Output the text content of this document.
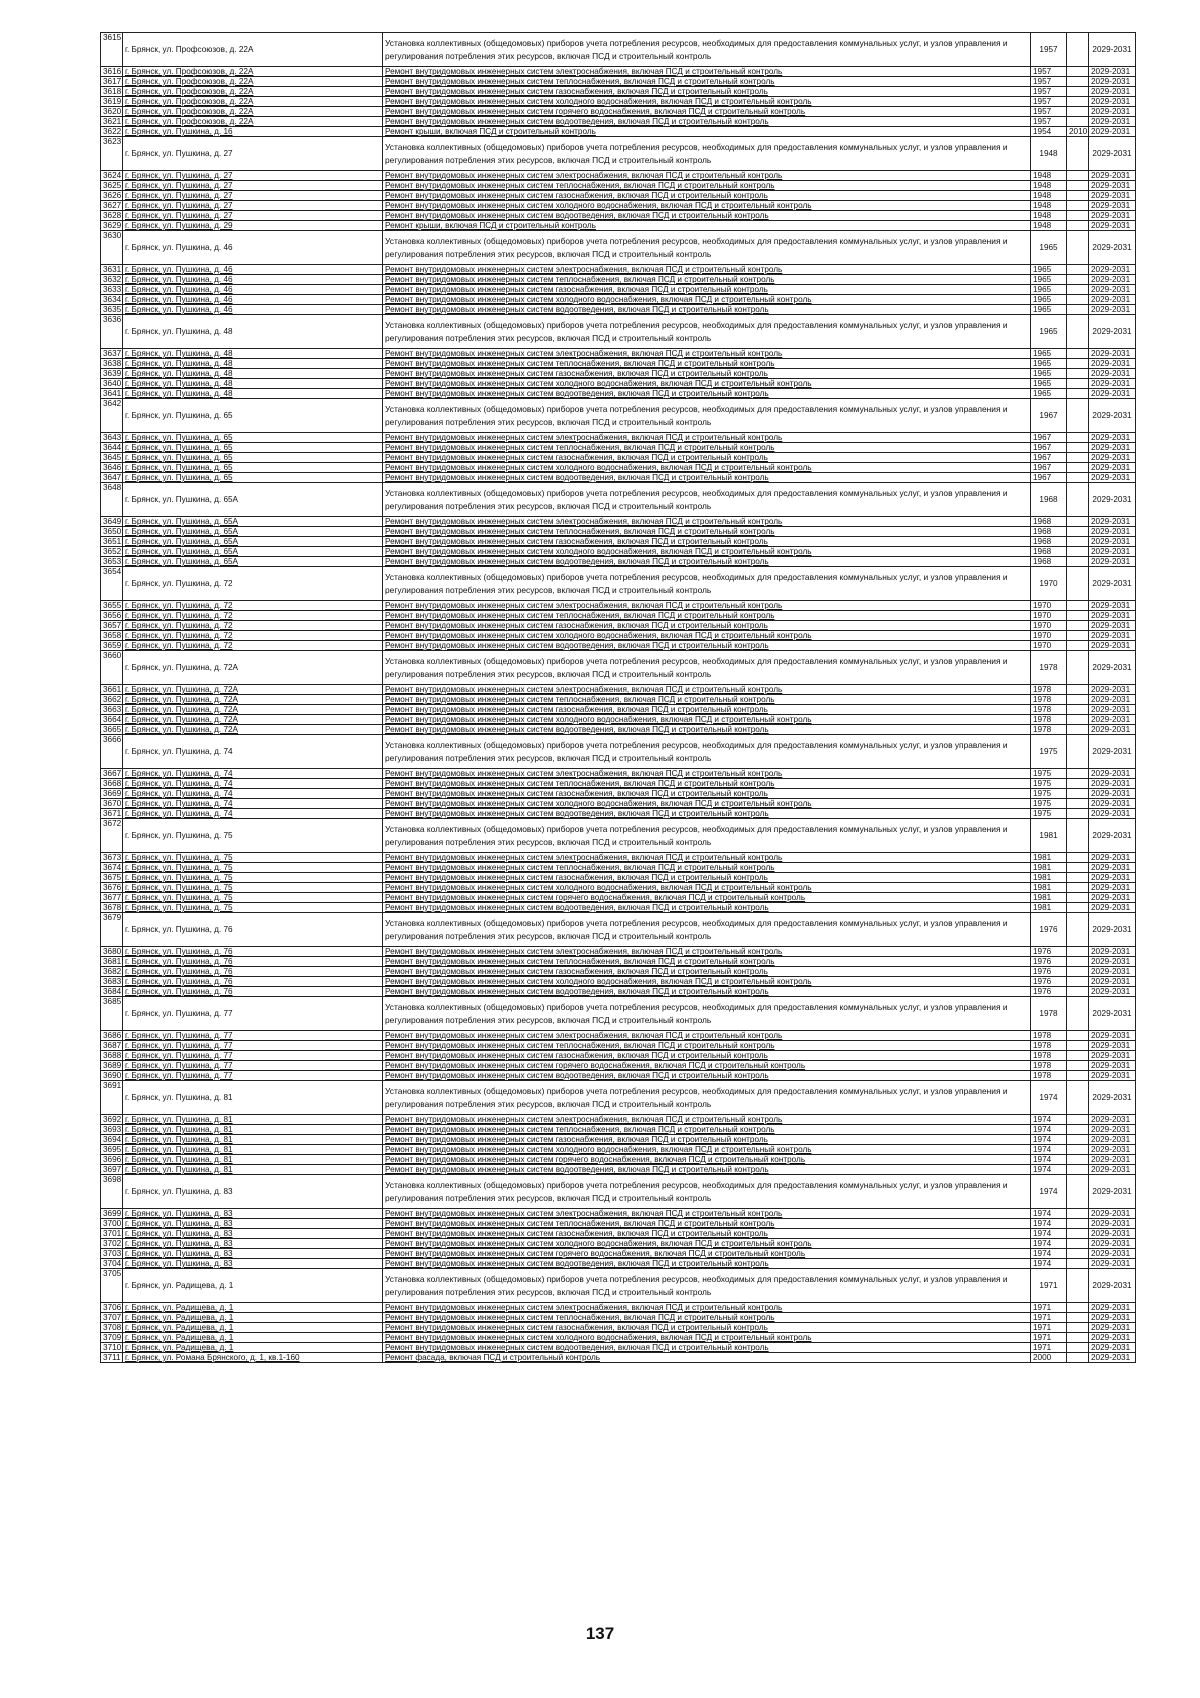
3615	г. Брянск, ул. Профсоюзов, д. 22А	Установка коллективных (общедомовых) приборов учета потребления ресурсов, необходимых для предоставления коммунальных услуг, и узлов управления и регулирования потребления этих ресурсов, включая ПСД и строительный контроль	1957		2029-2031
3616	г. Брянск, ул. Профсоюзов, д. 22А	Ремонт внутридомовых инженерных систем электроснабжения, включая ПСД и строительный контроль	1957		2029-2031
3617	г. Брянск, ул. Профсоюзов, д. 22А	Ремонт внутридомовых инженерных систем теплоснабжения, включая ПСД и строительный контроль	1957		2029-2031
3618	г. Брянск, ул. Профсоюзов, д. 22А	Ремонт внутридомовых инженерных систем газоснабжения, включая ПСД и строительный контроль	1957		2029-2031
3619	г. Брянск, ул. Профсоюзов, д. 22А	Ремонт внутридомовых инженерных систем холодного водоснабжения, включая ПСД и строительный контроль	1957		2029-2031
3620	г. Брянск, ул. Профсоюзов, д. 22А	Ремонт внутридомовых инженерных систем горячего водоснабжения, включая ПСД и строительный контроль	1957		2029-2031
3621	г. Брянск, ул. Профсоюзов, д. 22А	Ремонт внутридомовых инженерных систем водоотведения, включая ПСД и строительный контроль	1957		2029-2031
3622	г. Брянск, ул. Пушкина, д. 16	Ремонт крыши, включая ПСД и строительный контроль	1954	2010	2029-2031
3623	г. Брянск, ул. Пушкина, д. 27	Установка коллективных (общедомовых) приборов учета потребления ресурсов, необходимых для предоставления коммунальных услуг, и узлов управления и регулирования потребления этих ресурсов, включая ПСД и строительный контроль	1948		2029-2031
3624	г. Брянск, ул. Пушкина, д. 27	Ремонт внутридомовых инженерных систем электроснабжения, включая ПСД и строительный контроль	1948		2029-2031
3625	г. Брянск, ул. Пушкина, д. 27	Ремонт внутридомовых инженерных систем теплоснабжения, включая ПСД и строительный контроль	1948		2029-2031
3626	г. Брянск, ул. Пушкина, д. 27	Ремонт внутридомовых инженерных систем газоснабжения, включая ПСД и строительный контроль	1948		2029-2031
3627	г. Брянск, ул. Пушкина, д. 27	Ремонт внутридомовых инженерных систем холодного водоснабжения, включая ПСД и строительный контроль	1948		2029-2031
3628	г. Брянск, ул. Пушкина, д. 27	Ремонт внутридомовых инженерных систем водоотведения, включая ПСД и строительный контроль	1948		2029-2031
3629	г. Брянск, ул. Пушкина, д. 29	Ремонт крыши, включая ПСД и строительный контроль	1948		2029-2031
3630	г. Брянск, ул. Пушкина, д. 46	Установка коллективных (общедомовых) приборов учета потребления ресурсов, необходимых для предоставления коммунальных услуг, и узлов управления и регулирования потребления этих ресурсов, включая ПСД и строительный контроль	1965		2029-2031
3631	г. Брянск, ул. Пушкина, д. 46	Ремонт внутридомовых инженерных систем электроснабжения, включая ПСД и строительный контроль	1965		2029-2031
3632	г. Брянск, ул. Пушкина, д. 46	Ремонт внутридомовых инженерных систем теплоснабжения, включая ПСД и строительный контроль	1965		2029-2031
3633	г. Брянск, ул. Пушкина, д. 46	Ремонт внутридомовых инженерных систем газоснабжения, включая ПСД и строительный контроль	1965		2029-2031
3634	г. Брянск, ул. Пушкина, д. 46	Ремонт внутридомовых инженерных систем холодного водоснабжения, включая ПСД и строительный контроль	1965		2029-2031
3635	г. Брянск, ул. Пушкина, д. 46	Ремонт внутридомовых инженерных систем водоотведения, включая ПСД и строительный контроль	1965		2029-2031
3636	г. Брянск, ул. Пушкина, д. 48	Установка коллективных (общедомовых) приборов учета потребления ресурсов, необходимых для предоставления коммунальных услуг, и узлов управления и регулирования потребления этих ресурсов, включая ПСД и строительный контроль	1965		2029-2031
3637	г. Брянск, ул. Пушкина, д. 48	Ремонт внутридомовых инженерных систем электроснабжения, включая ПСД и строительный контроль	1965		2029-2031
3638	г. Брянск, ул. Пушкина, д. 48	Ремонт внутридомовых инженерных систем теплоснабжения, включая ПСД и строительный контроль	1965		2029-2031
3639	г. Брянск, ул. Пушкина, д. 48	Ремонт внутридомовых инженерных систем газоснабжения, включая ПСД и строительный контроль	1965		2029-2031
3640	г. Брянск, ул. Пушкина, д. 48	Ремонт внутридомовых инженерных систем холодного водоснабжения, включая ПСД и строительный контроль	1965		2029-2031
3641	г. Брянск, ул. Пушкина, д. 48	Ремонт внутридомовых инженерных систем водоотведения, включая ПСД и строительный контроль	1965		2029-2031
3642	г. Брянск, ул. Пушкина, д. 65	Установка коллективных (общедомовых) приборов учета потребления ресурсов, необходимых для предоставления коммунальных услуг, и узлов управления и регулирования потребления этих ресурсов, включая ПСД и строительный контроль	1967		2029-2031
3643	г. Брянск, ул. Пушкина, д. 65	Ремонт внутридомовых инженерных систем электроснабжения, включая ПСД и строительный контроль	1967		2029-2031
3644	г. Брянск, ул. Пушкина, д. 65	Ремонт внутридомовых инженерных систем теплоснабжения, включая ПСД и строительный контроль	1967		2029-2031
3645	г. Брянск, ул. Пушкина, д. 65	Ремонт внутридомовых инженерных систем газоснабжения, включая ПСД и строительный контроль	1967		2029-2031
3646	г. Брянск, ул. Пушкина, д. 65	Ремонт внутридомовых инженерных систем холодного водоснабжения, включая ПСД и строительный контроль	1967		2029-2031
3647	г. Брянск, ул. Пушкина, д. 65	Ремонт внутридомовых инженерных систем водоотведения, включая ПСД и строительный контроль	1967		2029-2031
3648	г. Брянск, ул. Пушкина, д. 65А	Установка коллективных (общедомовых) приборов учета потребления ресурсов, необходимых для предоставления коммунальных услуг, и узлов управления и регулирования потребления этих ресурсов, включая ПСД и строительный контроль	1968		2029-2031
3649	г. Брянск, ул. Пушкина, д. 65А	Ремонт внутридомовых инженерных систем электроснабжения, включая ПСД и строительный контроль	1968		2029-2031
3650	г. Брянск, ул. Пушкина, д. 65А	Ремонт внутридомовых инженерных систем теплоснабжения, включая ПСД и строительный контроль	1968		2029-2031
3651	г. Брянск, ул. Пушкина, д. 65А	Ремонт внутридомовых инженерных систем газоснабжения, включая ПСД и строительный контроль	1968		2029-2031
3652	г. Брянск, ул. Пушкина, д. 65А	Ремонт внутридомовых инженерных систем холодного водоснабжения, включая ПСД и строительный контроль	1968		2029-2031
3653	г. Брянск, ул. Пушкина, д. 65А	Ремонт внутридомовых инженерных систем водоотведения, включая ПСД и строительный контроль	1968		2029-2031
3654	г. Брянск, ул. Пушкина, д. 72	Установка коллективных (общедомовых) приборов учета потребления ресурсов, необходимых для предоставления коммунальных услуг, и узлов управления и регулирования потребления этих ресурсов, включая ПСД и строительный контроль	1970		2029-2031
3655	г. Брянск, ул. Пушкина, д. 72	Ремонт внутридомовых инженерных систем электроснабжения, включая ПСД и строительный контроль	1970		2029-2031
3656	г. Брянск, ул. Пушкина, д. 72	Ремонт внутридомовых инженерных систем теплоснабжения, включая ПСД и строительный контроль	1970		2029-2031
3657	г. Брянск, ул. Пушкина, д. 72	Ремонт внутридомовых инженерных систем газоснабжения, включая ПСД и строительный контроль	1970		2029-2031
3658	г. Брянск, ул. Пушкина, д. 72	Ремонт внутридомовых инженерных систем холодного водоснабжения, включая ПСД и строительный контроль	1970		2029-2031
3659	г. Брянск, ул. Пушкина, д. 72	Ремонт внутридомовых инженерных систем водоотведения, включая ПСД и строительный контроль	1970		2029-2031
3660	г. Брянск, ул. Пушкина, д. 72А	Установка коллективных (общедомовых) приборов учета потребления ресурсов, необходимых для предоставления коммунальных услуг, и узлов управления и регулирования потребления этих ресурсов, включая ПСД и строительный контроль	1978		2029-2031
3661	г. Брянск, ул. Пушкина, д. 72А	Ремонт внутридомовых инженерных систем электроснабжения, включая ПСД и строительный контроль	1978		2029-2031
3662	г. Брянск, ул. Пушкина, д. 72А	Ремонт внутридомовых инженерных систем теплоснабжения, включая ПСД и строительный контроль	1978		2029-2031
3663	г. Брянск, ул. Пушкина, д. 72А	Ремонт внутридомовых инженерных систем газоснабжения, включая ПСД и строительный контроль	1978		2029-2031
3664	г. Брянск, ул. Пушкина, д. 72А	Ремонт внутридомовых инженерных систем холодного водоснабжения, включая ПСД и строительный контроль	1978		2029-2031
3665	г. Брянск, ул. Пушкина, д. 72А	Ремонт внутридомовых инженерных систем водоотведения, включая ПСД и строительный контроль	1978		2029-2031
3666	г. Брянск, ул. Пушкина, д. 74	Установка коллективных (общедомовых) приборов учета потребления ресурсов, необходимых для предоставления коммунальных услуг, и узлов управления и регулирования потребления этих ресурсов, включая ПСД и строительный контроль	1975		2029-2031
3667	г. Брянск, ул. Пушкина, д. 74	Ремонт внутридомовых инженерных систем электроснабжения, включая ПСД и строительный контроль	1975		2029-2031
3668	г. Брянск, ул. Пушкина, д. 74	Ремонт внутридомовых инженерных систем теплоснабжения, включая ПСД и строительный контроль	1975		2029-2031
3669	г. Брянск, ул. Пушкина, д. 74	Ремонт внутридомовых инженерных систем газоснабжения, включая ПСД и строительный контроль	1975		2029-2031
3670	г. Брянск, ул. Пушкина, д. 74	Ремонт внутридомовых инженерных систем холодного водоснабжения, включая ПСД и строительный контроль	1975		2029-2031
3671	г. Брянск, ул. Пушкина, д. 74	Ремонт внутридомовых инженерных систем водоотведения, включая ПСД и строительный контроль	1975		2029-2031
3672	г. Брянск, ул. Пушкина, д. 75	Установка коллективных (общедомовых) приборов учета потребления ресурсов, необходимых для предоставления коммунальных услуг, и узлов управления и регулирования потребления этих ресурсов, включая ПСД и строительный контроль	1981		2029-2031
3673	г. Брянск, ул. Пушкина, д. 75	Ремонт внутридомовых инженерных систем электроснабжения, включая ПСД и строительный контроль	1981		2029-2031
3674	г. Брянск, ул. Пушкина, д. 75	Ремонт внутридомовых инженерных систем теплоснабжения, включая ПСД и строительный контроль	1981		2029-2031
3675	г. Брянск, ул. Пушкина, д. 75	Ремонт внутридомовых инженерных систем газоснабжения, включая ПСД и строительный контроль	1981		2029-2031
3676	г. Брянск, ул. Пушкина, д. 75	Ремонт внутридомовых инженерных систем холодного водоснабжения, включая ПСД и строительный контроль	1981		2029-2031
3677	г. Брянск, ул. Пушкина, д. 75	Ремонт внутридомовых инженерных систем горячего водоснабжения, включая ПСД и строительный контроль	1981		2029-2031
3678	г. Брянск, ул. Пушкина, д. 75	Ремонт внутридомовых инженерных систем водоотведения, включая ПСД и строительный контроль	1981		2029-2031
3679	г. Брянск, ул. Пушкина, д. 76	Установка коллективных (общедомовых) приборов учета потребления ресурсов, необходимых для предоставления коммунальных услуг, и узлов управления и регулирования потребления этих ресурсов, включая ПСД и строительный контроль	1976		2029-2031
3680	г. Брянск, ул. Пушкина, д. 76	Ремонт внутридомовых инженерных систем электроснабжения, включая ПСД и строительный контроль	1976		2029-2031
3681	г. Брянск, ул. Пушкина, д. 76	Ремонт внутридомовых инженерных систем теплоснабжения, включая ПСД и строительный контроль	1976		2029-2031
3682	г. Брянск, ул. Пушкина, д. 76	Ремонт внутридомовых инженерных систем газоснабжения, включая ПСД и строительный контроль	1976		2029-2031
3683	г. Брянск, ул. Пушкина, д. 76	Ремонт внутридомовых инженерных систем холодного водоснабжения, включая ПСД и строительный контроль	1976		2029-2031
3684	г. Брянск, ул. Пушкина, д. 76	Ремонт внутридомовых инженерных систем водоотведения, включая ПСД и строительный контроль	1976		2029-2031
3685	г. Брянск, ул. Пушкина, д. 77	Установка коллективных (общедомовых) приборов учета потребления ресурсов, необходимых для предоставления коммунальных услуг, и узлов управления и регулирования потребления этих ресурсов, включая ПСД и строительный контроль	1978		2029-2031
3686	г. Брянск, ул. Пушкина, д. 77	Ремонт внутридомовых инженерных систем электроснабжения, включая ПСД и строительный контроль	1978		2029-2031
3687	г. Брянск, ул. Пушкина, д. 77	Ремонт внутридомовых инженерных систем теплоснабжения, включая ПСД и строительный контроль	1978		2029-2031
3688	г. Брянск, ул. Пушкина, д. 77	Ремонт внутридомовых инженерных систем газоснабжения, включая ПСД и строительный контроль	1978		2029-2031
3689	г. Брянск, ул. Пушкина, д. 77	Ремонт внутридомовых инженерных систем горячего водоснабжения, включая ПСД и строительный контроль	1978		2029-2031
3690	г. Брянск, ул. Пушкина, д. 77	Ремонт внутридомовых инженерных систем водоотведения, включая ПСД и строительный контроль	1978		2029-2031
3691	г. Брянск, ул. Пушкина, д. 81	Установка коллективных (общедомовых) приборов учета потребления ресурсов, необходимых для предоставления коммунальных услуг, и узлов управления и регулирования потребления этих ресурсов, включая ПСД и строительный контроль	1974		2029-2031
3692	г. Брянск, ул. Пушкина, д. 81	Ремонт внутридомовых инженерных систем электроснабжения, включая ПСД и строительный контроль	1974		2029-2031
3693	г. Брянск, ул. Пушкина, д. 81	Ремонт внутридомовых инженерных систем теплоснабжения, включая ПСД и строительный контроль	1974		2029-2031
3694	г. Брянск, ул. Пушкина, д. 81	Ремонт внутридомовых инженерных систем газоснабжения, включая ПСД и строительный контроль	1974		2029-2031
3695	г. Брянск, ул. Пушкина, д. 81	Ремонт внутридомовых инженерных систем холодного водоснабжения, включая ПСД и строительный контроль	1974		2029-2031
3696	г. Брянск, ул. Пушкина, д. 81	Ремонт внутридомовых инженерных систем горячего водоснабжения, включая ПСД и строительный контроль	1974		2029-2031
3697	г. Брянск, ул. Пушкина, д. 81	Ремонт внутридомовых инженерных систем водоотведения, включая ПСД и строительный контроль	1974		2029-2031
3698	г. Брянск, ул. Пушкина, д. 83	Установка коллективных (общедомовых) приборов учета потребления ресурсов, необходимых для предоставления коммунальных услуг, и узлов управления и регулирования потребления этих ресурсов, включая ПСД и строительный контроль	1974		2029-2031
3699	г. Брянск, ул. Пушкина, д. 83	Ремонт внутридомовых инженерных систем электроснабжения, включая ПСД и строительный контроль	1974		2029-2031
3700	г. Брянск, ул. Пушкина, д. 83	Ремонт внутридомовых инженерных систем теплоснабжения, включая ПСД и строительный контроль	1974		2029-2031
3701	г. Брянск, ул. Пушкина, д. 83	Ремонт внутридомовых инженерных систем газоснабжения, включая ПСД и строительный контроль	1974		2029-2031
3702	г. Брянск, ул. Пушкина, д. 83	Ремонт внутридомовых инженерных систем холодного водоснабжения, включая ПСД и строительный контроль	1974		2029-2031
3703	г. Брянск, ул. Пушкина, д. 83	Ремонт внутридомовых инженерных систем горячего водоснабжения, включая ПСД и строительный контроль	1974		2029-2031
3704	г. Брянск, ул. Пушкина, д. 83	Ремонт внутридомовых инженерных систем водоотведения, включая ПСД и строительный контроль	1974		2029-2031
3705	г. Брянск, ул. Радищева, д. 1	Установка коллективных (общедомовых) приборов учета потребления ресурсов, необходимых для предоставления коммунальных услуг, и узлов управления и регулирования потребления этих ресурсов, включая ПСД и строительный контроль	1971		2029-2031
3706	г. Брянск, ул. Радищева, д. 1	Ремонт внутридомовых инженерных систем электроснабжения, включая ПСД и строительный контроль	1971		2029-2031
3707	г. Брянск, ул. Радищева, д. 1	Ремонт внутридомовых инженерных систем теплоснабжения, включая ПСД и строительный контроль	1971		2029-2031
3708	г. Брянск, ул. Радищева, д. 1	Ремонт внутридомовых инженерных систем газоснабжения, включая ПСД и строительный контроль	1971		2029-2031
3709	г. Брянск, ул. Радищева, д. 1	Ремонт внутридомовых инженерных систем холодного водоснабжения, включая ПСД и строительный контроль	1971		2029-2031
3710	г. Брянск, ул. Радищева, д. 1	Ремонт внутридомовых инженерных систем водоотведения, включая ПСД и строительный контроль	1971		2029-2031
3711	г. Брянск, ул. Романа Брянского, д. 1, кв.1-160	Ремонт фасада, включая ПСД и строительный контроль	2000		2029-2031
137
